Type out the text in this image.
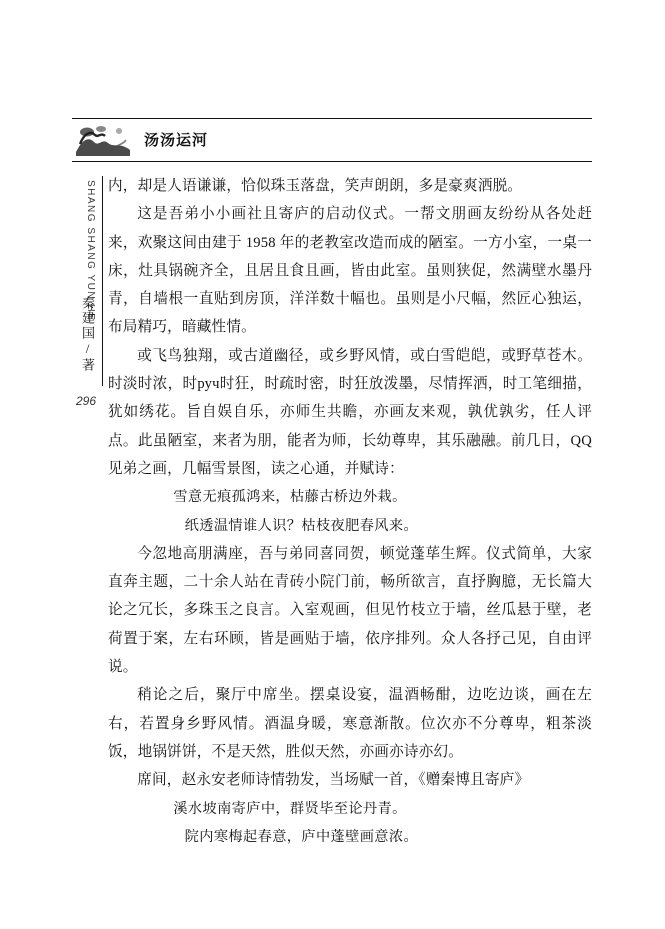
汤汤运河
SHANG SHANG YUN HE
秦建国/著
296

内，却是人语谦谦，恰似珠玉落盘，笑声朗朗，多是豪爽洒脱。

这是吾弟小小画社且寄庐的启动仪式。一帮文朋画友纷纷从各处赶来，欢聚这间由建于 1958 年的老教室改造而成的陋室。一方小室，一桌一床，灶具锅碗齐全，且居且食且画，皆由此室。虽则狭促，然满壁水墨丹青，自墙根一直贴到房顶，洋洋数十幅也。虽则是小尺幅，然匠心独运，布局精巧，暗藏性情。

或飞鸟独翔，或古道幽径，或乡野风情，或白雪皑皑，或野草苍木。时淡时浓，时руч时狂，时疏时密，时狂放泼墨，尽情挥洒，时工笔细描，犹如绣花。旨自娱自乐，亦师生共瞻，亦画友来观，孰优孰劣，任人评点。此虽陋室，来者为朋，能者为师，长幼尊卑，其乐融融。前几日，QQ 见弟之画，几幅雪景图，读之心通，并赋诗：

雪意无痕孤鸿来，枯藤古桥边外栽。

纸透温情谁人识？枯枝夜肥春风来。

今忽地高朋满座，吾与弟同喜同贺，顿觉蓬荜生辉。仪式简单，大家直奔主题，二十余人站在青砖小院门前，畅所欲言，直抒胸臆，无长篇大论之冗长，多珠玉之良言。入室观画，但见竹枝立于墙，丝瓜悬于壁，老荷置于案，左右环顾，皆是画贴于墙，依序排列。众人各抒己见，自由评说。

稍论之后，聚厅中席坐。摆桌设宴，温酒畅酣，边吃边谈，画在左右，若置身乡野风情。酒温身暖，寒意渐散。位次亦不分尊卑，粗茶淡饭，地锅饼饼，不是天然，胜似天然，亦画亦诗亦幻。

席间，赵永安老师诗情勃发，当场赋一首，《赠秦博且寄庐》

溪水坡南寄庐中，群贤毕至论丹青。

院内寒梅起春意，庐中蓬壁画意浓。
